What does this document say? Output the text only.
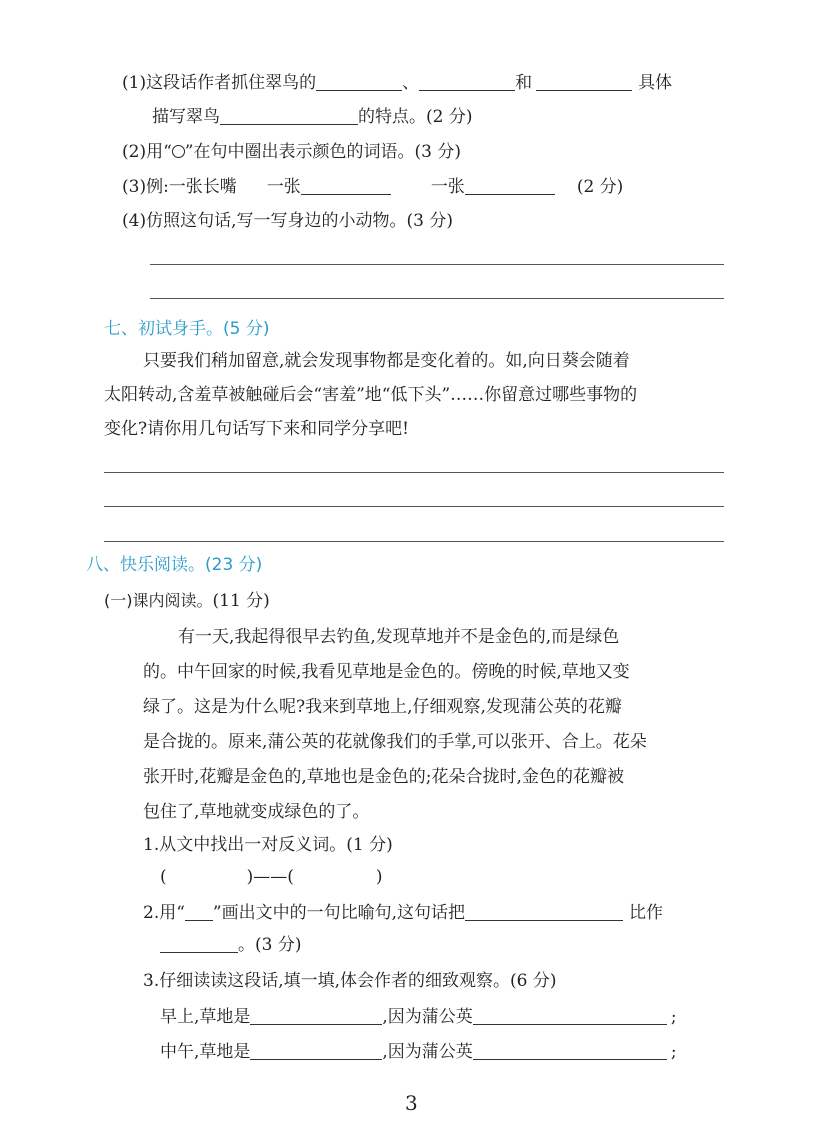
(1)这段话作者抓住翠鸟的	、	和	具体
描写翠鸟	的特点。(2 分)
(2)用“ ”在句中圈出表示颜色的词语。(3 分)
(3)例:一张长嘴 一张	一张	(2 分)
(4)仿照这句话,写一写身边的小动物。(3 分)
七、初试身手。(5 分)
只要我们稍加留意,就会发现事物都是变化着的。如,向日葵会随着
太阳转动,含羞草被触碰后会“害羞”地“低下头”……你留意过哪些事物的
变化?请你用几句话写下来和同学分享吧!
八、快乐阅读。(23 分)
(一)课内阅读。(11 分)
有一天,我起得很早去钓鱼,发现草地并不是金色的,而是绿色
的。中午回家的时候,我看见草地是金色的。傍晚的时候,草地又变
绿了。这是为什么呢?我来到草地上,仔细观察,发现蒲公英的花瓣
是合拢的。原来,蒲公英的花就像我们的手掌,可以张开、合上。花朵
张开时,花瓣是金色的,草地也是金色的;花朵合拢时,金色的花瓣被
包住了,草地就变成绿色的了。
1.从文中找出一对反义词。(1 分)
(	)——(	)
2.用“ ”画出文中的一句比喻句,这句话把	比作
。(3 分)
3.仔细读读这段话,填一填,体会作者的细致观察。(6 分)
早上,草地是	,因为蒲公英	;
中午,草地是	,因为蒲公英	;
3
